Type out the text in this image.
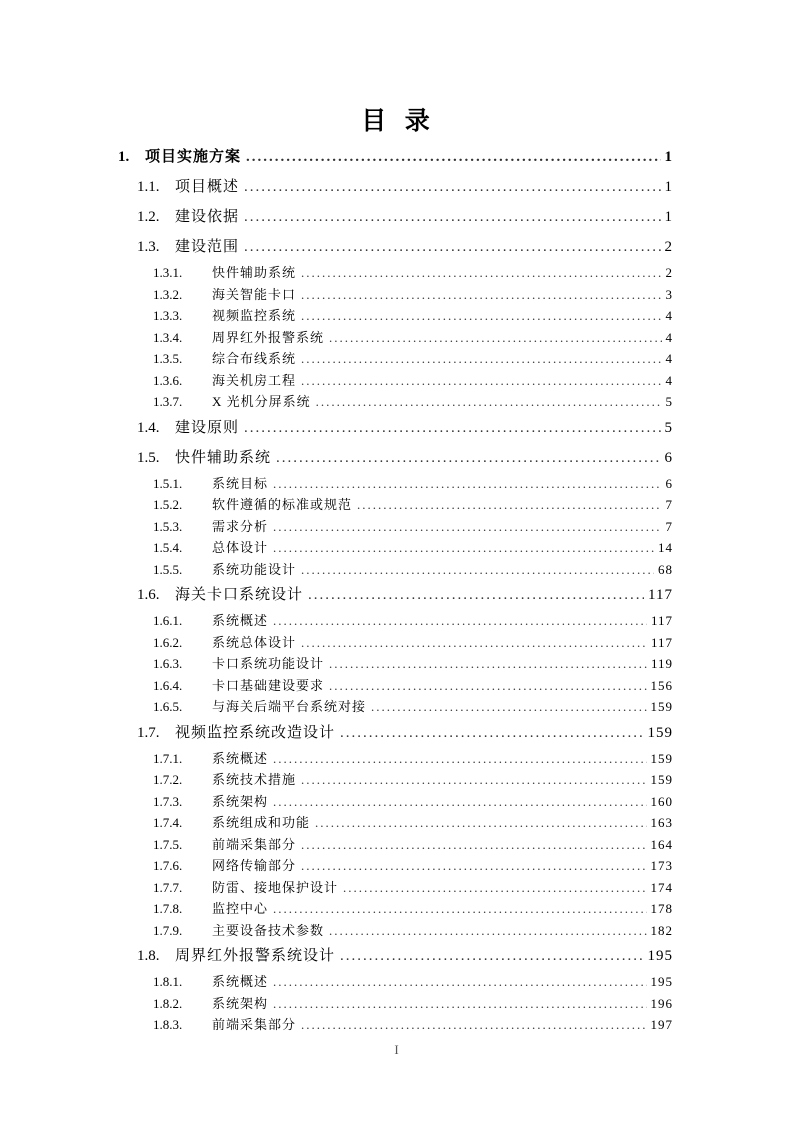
目  录
1.	项目实施方案 .....	1
1.1.	项目概述 .....	1
1.2.	建设依据 .....	1
1.3.	建设范围 .....	2
1.3.1.	快件辅助系统 .....	2
1.3.2.	海关智能卡口 .....	3
1.3.3.	视频监控系统 .....	4
1.3.4.	周界红外报警系统 .....	4
1.3.5.	综合布线系统 .....	4
1.3.6.	海关机房工程 .....	4
1.3.7.	X 光机分屏系统 .....	5
1.4.	建设原则 .....	5
1.5.	快件辅助系统 .....	6
1.5.1.	系统目标 .....	6
1.5.2.	软件遵循的标准或规范 .....	7
1.5.3.	需求分析 .....	7
1.5.4.	总体设计 .....	14
1.5.5.	系统功能设计 .....	68
1.6.	海关卡口系统设计 .....	117
1.6.1.	系统概述 .....	117
1.6.2.	系统总体设计 .....	117
1.6.3.	卡口系统功能设计 .....	119
1.6.4.	卡口基础建设要求 .....	156
1.6.5.	与海关后端平台系统对接 .....	159
1.7.	视频监控系统改造设计 .....	159
1.7.1.	系统概述 .....	159
1.7.2.	系统技术措施 .....	159
1.7.3.	系统架构 .....	160
1.7.4.	系统组成和功能 .....	163
1.7.5.	前端采集部分 .....	164
1.7.6.	网络传输部分 .....	173
1.7.7.	防雷、接地保护设计 .....	174
1.7.8.	监控中心 .....	178
1.7.9.	主要设备技术参数 .....	182
1.8.	周界红外报警系统设计 .....	195
1.8.1.	系统概述 .....	195
1.8.2.	系统架构 .....	196
1.8.3.	前端采集部分 .....	197
I
